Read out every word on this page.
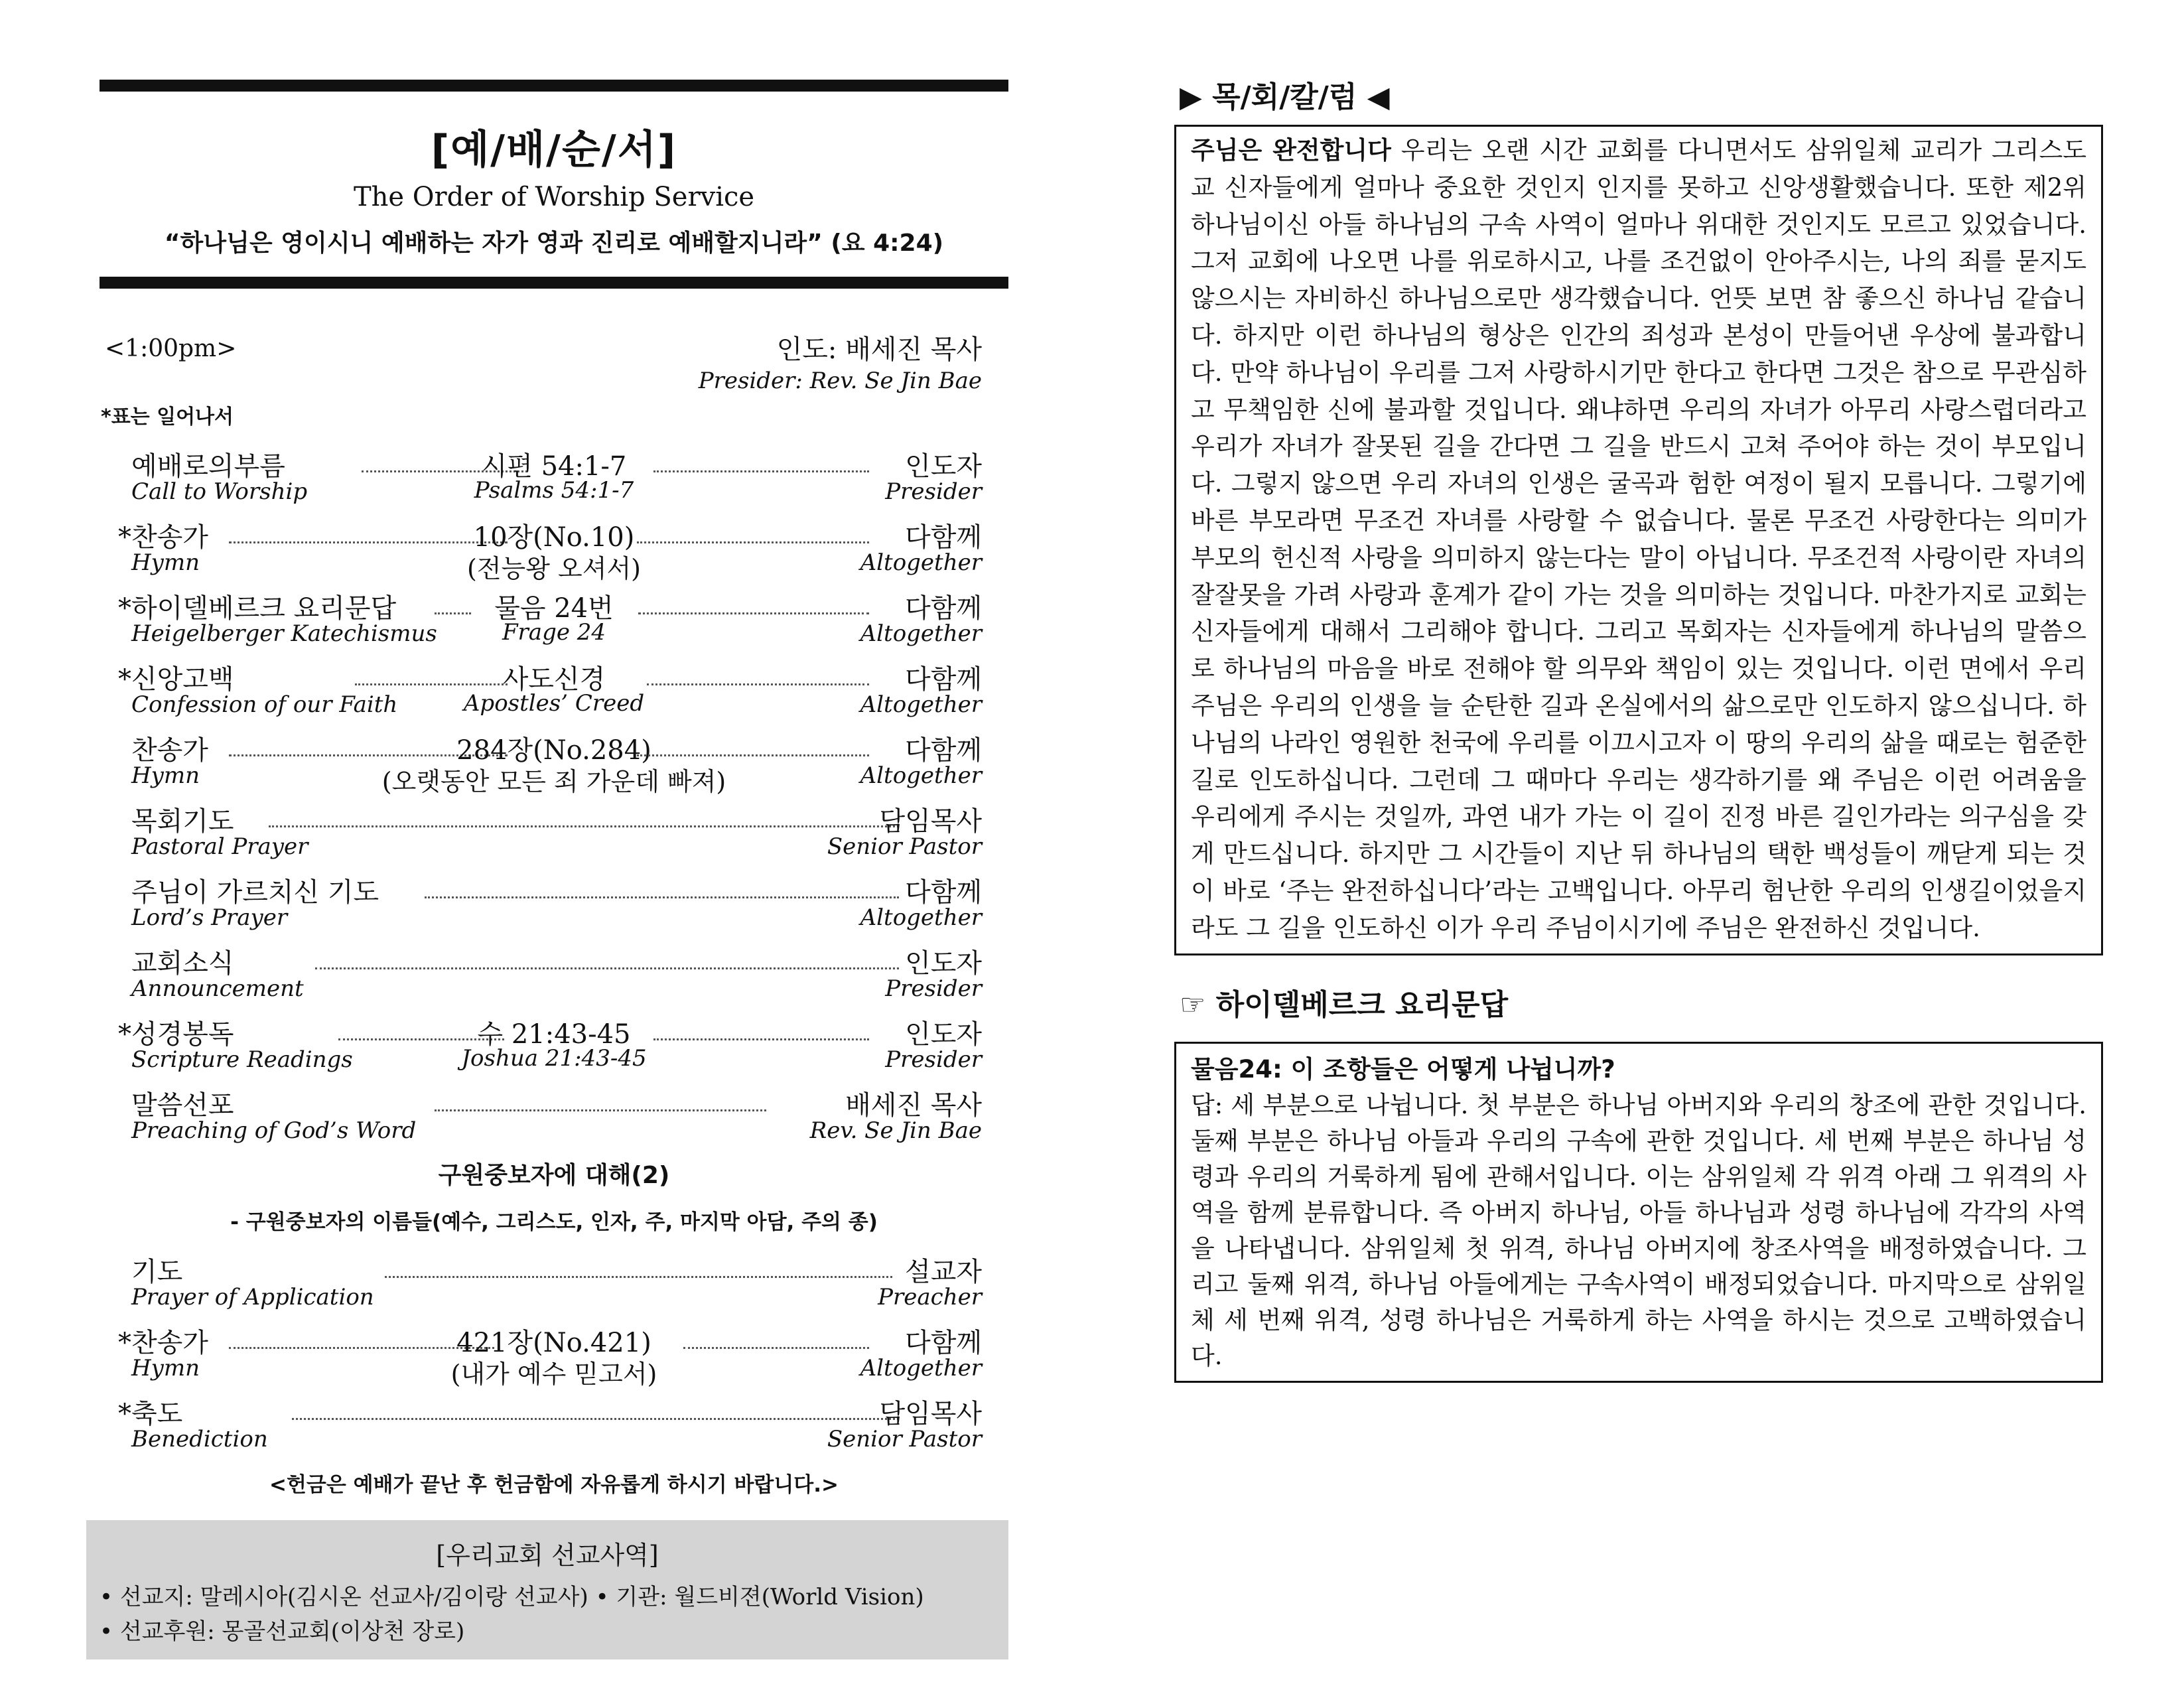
[예/배/순/서]
The Order of Worship Service
“하나님은 영이시니 예배하는 자가 영과 진리로 예배할지니라” (요 4:24)
<1:00pm>	인도: 배세진 목사
Presider: Rev. Se Jin Bae
*표는 일어나서
예배로의부름
Call to Worship
시편 54:1-7
Psalms 54:1-7
인도자
Presider
*찬송가
Hymn
10장(No.10)
(전능왕 오셔서)
다함께
Altogether
*하이델베르크 요리문답
Heigelberger Katechismus
물음 24번
Frage 24
다함께
Altogether
*신앙고백
Confession of our Faith
사도신경
Apostles’ Creed
다함께
Altogether
찬송가
Hymn
284장(No.284)
(오랫동안 모든 죄 가운데 빠져)
다함께
Altogether
목회기도
Pastoral Prayer
담임목사
Senior Pastor
주님이 가르치신 기도
Lord’s Prayer
다함께
Altogether
교회소식
Announcement
인도자
Presider
*성경봉독
Scripture Readings
수 21:43-45
Joshua 21:43-45
인도자
Presider
말씀선포
Preaching of God’s Word
배세진 목사
Rev. Se Jin Bae
구원중보자에 대해(2)
- 구원중보자의 이름들(예수, 그리스도, 인자, 주, 마지막 아담, 주의 종)
기도
Prayer of Application
설교자
Preacher
*찬송가
Hymn
421장(No.421)
(내가 예수 믿고서)
다함께
Altogether
*축도
Benediction
담임목사
Senior Pastor
<헌금은 예배가 끝난 후 헌금함에 자유롭게 하시기 바랍니다.>
[우리교회 선교사역]
• 선교지: 말레시아(김시온 선교사/김이랑 선교사) • 기관: 월드비젼(World Vision)
• 선교후원: 몽골선교회(이상천 장로)
▶ 목/회/칼/럼 ◀
주님은 완전합니다 우리는 오랜 시간 교회를 다니면서도 삼위일체 교리가 그리스도교 신자들에게 얼마나 중요한 것인지 인지를 못하고 신앙생활했습니다. 또한 제2위 하나님이신 아들 하나님의 구속 사역이 얼마나 위대한 것인지도 모르고 있었습니다. 그저 교회에 나오면 나를 위로하시고, 나를 조건없이 안아주시는, 나의 죄를 묻지도 않으시는 자비하신 하나님으로만 생각했습니다. 언뜻 보면 참 좋으신 하나님 같습니다. 하지만 이런 하나님의 형상은 인간의 죄성과 본성이 만들어낸 우상에 불과합니다. 만약 하나님이 우리를 그저 사랑하시기만 한다고 한다면 그것은 참으로 무관심하고 무책임한 신에 불과할 것입니다. 왜냐하면 우리의 자녀가 아무리 사랑스럽더라고 우리가 자녀가 잘못된 길을 간다면 그 길을 반드시 고쳐 주어야 하는 것이 부모입니다. 그렇지 않으면 우리 자녀의 인생은 굴곡과 험한 여정이 될지 모릅니다. 그렇기에 바른 부모라면 무조건 자녀를 사랑할 수 없습니다. 물론 무조건 사랑한다는 의미가 부모의 헌신적 사랑을 의미하지 않는다는 말이 아닙니다. 무조건적 사랑이란 자녀의 잘잘못을 가려 사랑과 훈계가 같이 가는 것을 의미하는 것입니다. 마찬가지로 교회는 신자들에게 대해서 그리해야 합니다. 그리고 목회자는 신자들에게 하나님의 말씀으로 하나님의 마음을 바로 전해야 할 의무와 책임이 있는 것입니다. 이런 면에서 우리 주님은 우리의 인생을 늘 순탄한 길과 온실에서의 삶으로만 인도하지 않으십니다. 하나님의 나라인 영원한 천국에 우리를 이끄시고자 이 땅의 우리의 삶을 때로는 험준한 길로 인도하십니다. 그런데 그 때마다 우리는 생각하기를 왜 주님은 이런 어려움을 우리에게 주시는 것일까, 과연 내가 가는 이 길이 진정 바른 길인가라는 의구심을 갖게 만드십니다. 하지만 그 시간들이 지난 뒤 하나님의 택한 백성들이 깨닫게 되는 것이 바로 ‘주는 완전하십니다’라는 고백입니다. 아무리 험난한 우리의 인생길이었을지라도 그 길을 인도하신 이가 우리 주님이시기에 주님은 완전하신 것입니다.
☞ 하이델베르크 요리문답
물음24: 이 조항들은 어떻게 나뉩니까?
답: 세 부분으로 나뉩니다. 첫 부분은 하나님 아버지와 우리의 창조에 관한 것입니다. 둘째 부분은 하나님 아들과 우리의 구속에 관한 것입니다. 세 번째 부분은 하나님 성령과 우리의 거룩하게 됨에 관해서입니다. 이는 삼위일체 각 위격 아래 그 위격의 사역을 함께 분류합니다. 즉 아버지 하나님, 아들 하나님과 성령 하나님에 각각의 사역을 나타냅니다. 삼위일체 첫 위격, 하나님 아버지에 창조사역을 배정하였습니다. 그리고 둘째 위격, 하나님 아들에게는 구속사역이 배정되었습니다. 마지막으로 삼위일체 세 번째 위격, 성령 하나님은 거룩하게 하는 사역을 하시는 것으로 고백하였습니다.
